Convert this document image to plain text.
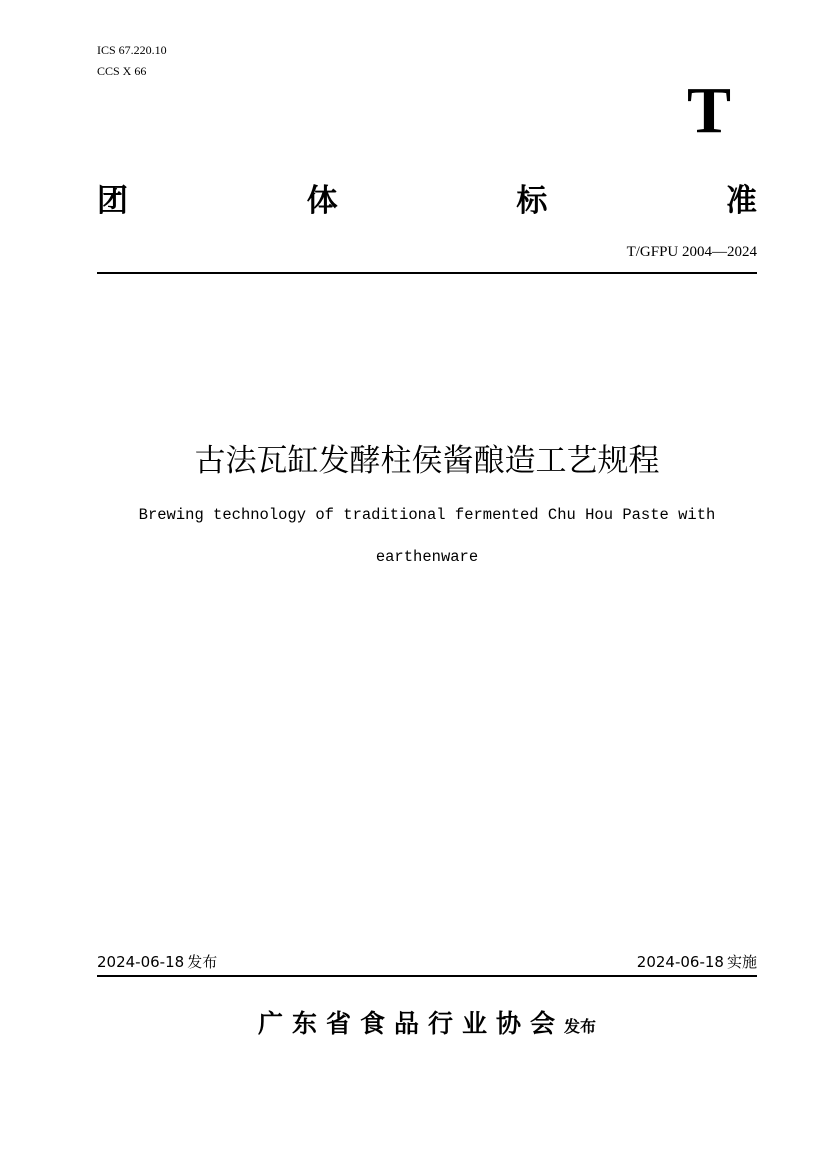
ICS 67.220.10
CCS X 66
T
团	体	标	准
T/GFPU 2004—2024
古法瓦缸发酵柱侯酱酿造工艺规程
Brewing technology of traditional fermented Chu Hou Paste with
earthenware
2024-06-18 发布	2024-06-18 实施
广东省食品行业协会发布
